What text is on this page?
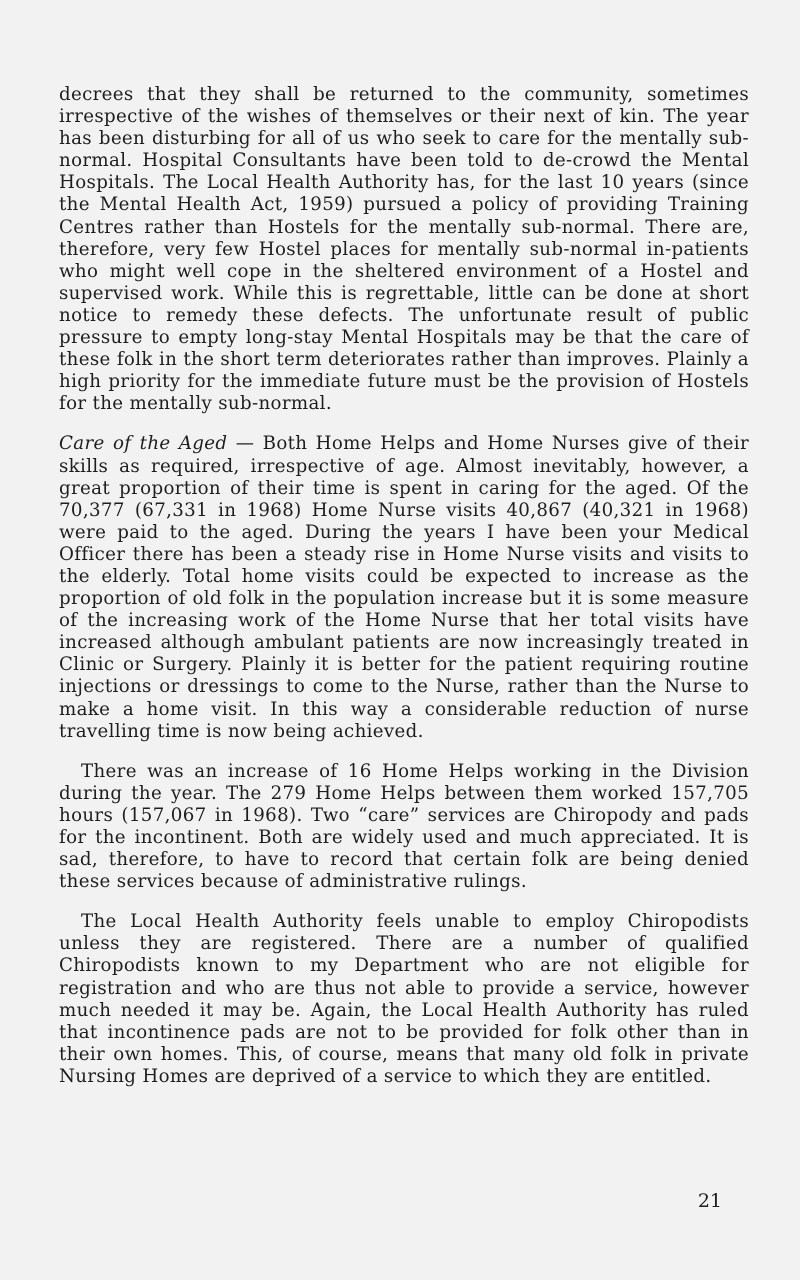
decrees that they shall be returned to the community, sometimes irrespective of the wishes of themselves or their next of kin. The year has been disturbing for all of us who seek to care for the mentally sub-normal. Hospital Consultants have been told to de-crowd the Mental Hospitals. The Local Health Authority has, for the last 10 years (since the Mental Health Act, 1959) pursued a policy of providing Training Centres rather than Hostels for the mentally sub-normal. There are, therefore, very few Hostel places for mentally sub-normal in-patients who might well cope in the sheltered environment of a Hostel and supervised work. While this is regrettable, little can be done at short notice to remedy these defects. The unfortunate result of public pressure to empty long-stay Mental Hospitals may be that the care of these folk in the short term deteriorates rather than improves. Plainly a high priority for the immediate future must be the provision of Hostels for the mentally sub-normal.

Care of the Aged — Both Home Helps and Home Nurses give of their skills as required, irrespective of age. Almost inevitably, however, a great proportion of their time is spent in caring for the aged. Of the 70,377 (67,331 in 1968) Home Nurse visits 40,867 (40,321 in 1968) were paid to the aged. During the years I have been your Medical Officer there has been a steady rise in Home Nurse visits and visits to the elderly. Total home visits could be expected to increase as the proportion of old folk in the population increase but it is some measure of the increasing work of the Home Nurse that her total visits have increased although ambulant patients are now increasingly treated in Clinic or Surgery. Plainly it is better for the patient requiring routine injections or dressings to come to the Nurse, rather than the Nurse to make a home visit. In this way a considerable reduction of nurse travelling time is now being achieved.

There was an increase of 16 Home Helps working in the Division during the year. The 279 Home Helps between them worked 157,705 hours (157,067 in 1968). Two “care” services are Chiropody and pads for the incontinent. Both are widely used and much appreciated. It is sad, therefore, to have to record that certain folk are being denied these services because of administrative rulings.

The Local Health Authority feels unable to employ Chiropodists unless they are registered. There are a number of qualified Chiropodists known to my Department who are not eligible for registration and who are thus not able to provide a service, however much needed it may be. Again, the Local Health Authority has ruled that incontinence pads are not to be provided for folk other than in their own homes. This, of course, means that many old folk in private Nursing Homes are deprived of a service to which they are entitled.

21
